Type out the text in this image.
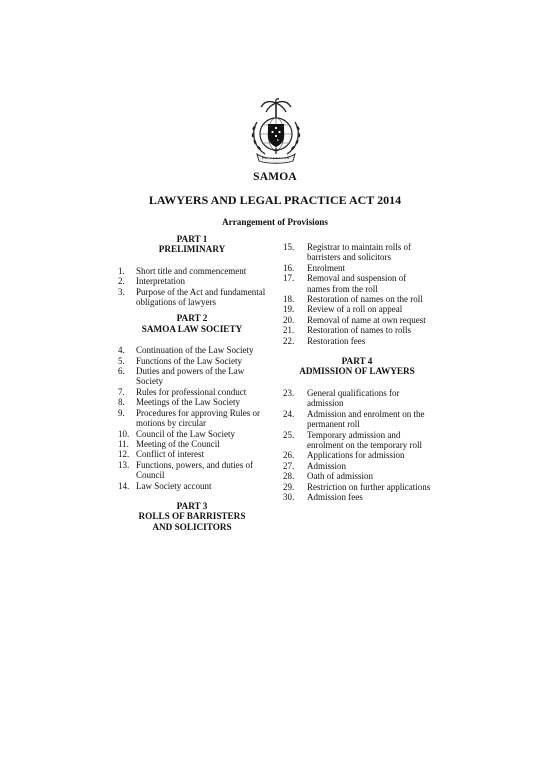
SAMOA
LAWYERS AND LEGAL PRACTICE ACT 2014
Arrangement of Provisions
PART 1
PRELIMINARY
1.	Short title and commencement
2.	Interpretation
3.	Purpose of the Act and fundamental obligations of lawyers
PART 2
SAMOA LAW SOCIETY
4.	Continuation of the Law Society
5.	Functions of the Law Society
6.	Duties and powers of the Law Society
7.	Rules for professional conduct
8.	Meetings of the Law Society
9.	Procedures for approving Rules or motions by circular
10. Council of the Law Society
11. Meeting of the Council
12. Conflict of interest
13. Functions, powers, and duties of Council
14. Law Society account
PART 3
ROLLS OF BARRISTERS AND SOLICITORS
15.	Registrar to maintain rolls of barristers and solicitors
16.	Enrolment
17.	Removal and suspension of names from the roll
18.	Restoration of names on the roll
19.	Review of a roll on appeal
20.	Removal of name at own request
21.	Restoration of names to rolls
22.	Restoration fees
PART 4
ADMISSION OF LAWYERS
23.	General qualifications for admission
24.	Admission and enrolment on the permanent roll
25.	Temporary admission and enrolment on the temporary roll
26.	Applications for admission
27.	Admission
28.	Oath of admission
29.	Restriction on further applications
30.	Admission fees
